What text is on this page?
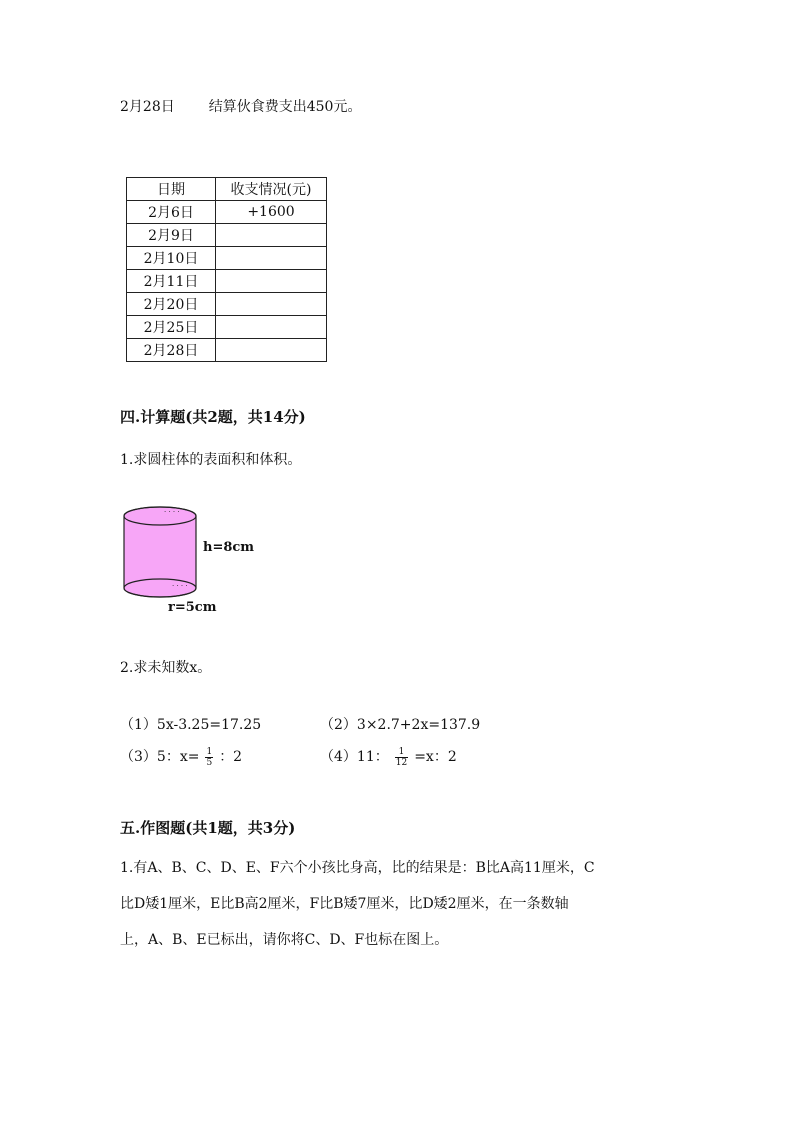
2月28日 结算伙食费支出450元。
日期	收支情况(元)
2月6日	+1600
2月9日	
2月10日	
2月11日	
2月20日	
2月25日	
2月28日	
四.计算题(共2题，共14分)
1.求圆柱体的表面积和体积。
· · · ·
· · · ·
h=8cm
r=5cm
2.求未知数x。
（1）5x-3.25=17.25	（2）3×2.7+2x=137.9
（3）5：$x= \frac{1}{5}$ ：2	（4）11： $\frac{1}{12} =x$：2
五.作图题(共1题，共3分)
1.有A、B、C、D、E、F六个小孩比身高，比的结果是：B比A高11厘米，C
比D矮1厘米，E比B高2厘米，F比B矮7厘米，比D矮2厘米，在一条数轴
上，A、B、E已标出，请你将C、D、F也标在图上。
